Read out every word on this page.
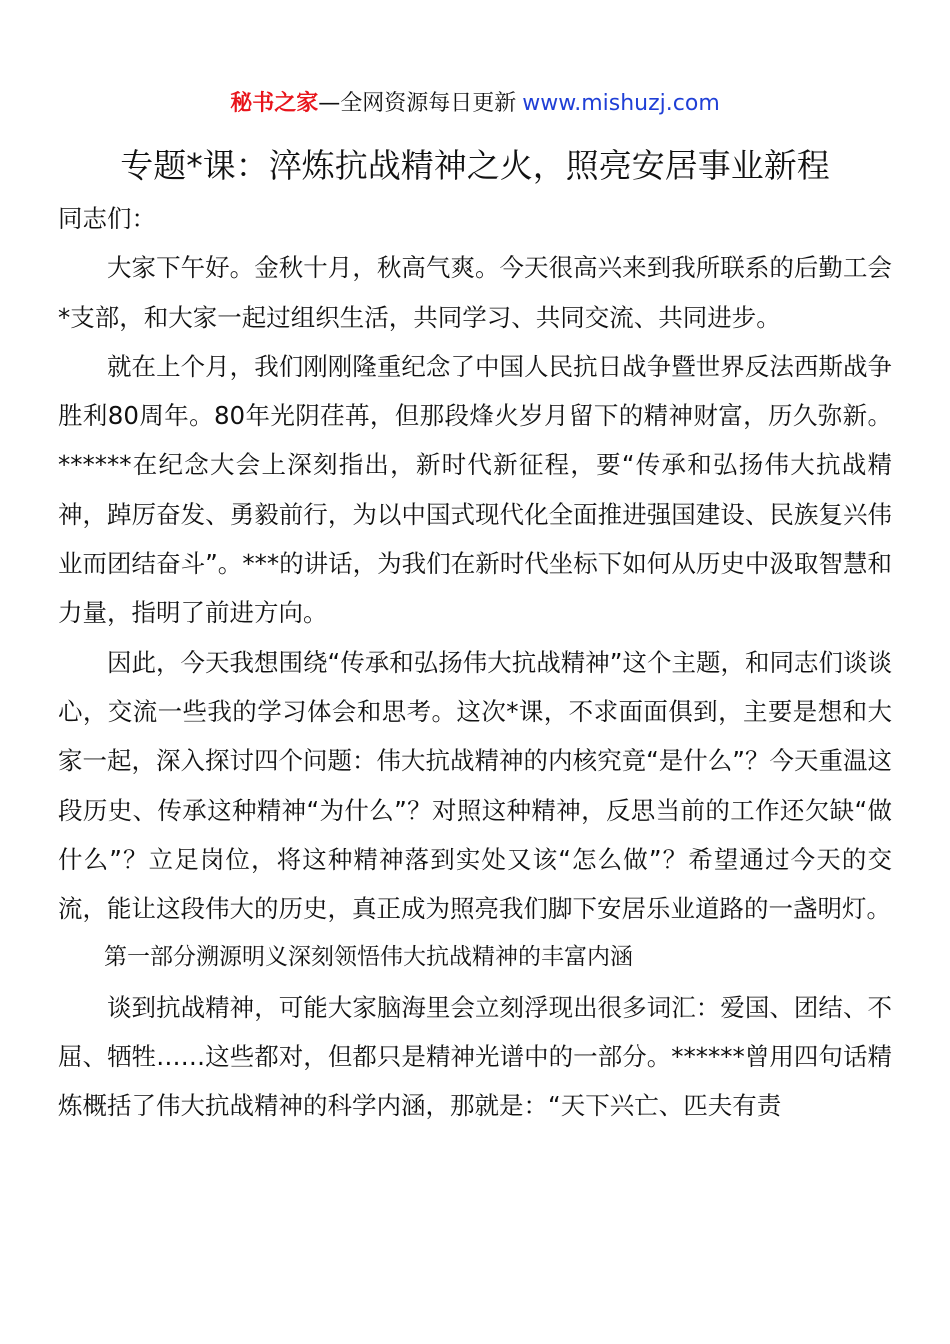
秘书之家—全网资源每日更新 www.mishuzj.com
专题*课：淬炼抗战精神之火，照亮安居事业新程

同志们：

大家下午好。金秋十月，秋高气爽。今天很高兴来到我所联系的后勤工会*支部，和大家一起过组织生活，共同学习、共同交流、共同进步。

就在上个月，我们刚刚隆重纪念了中国人民抗日战争暨世界反法西斯战争胜利80周年。80年光阴荏苒，但那段烽火岁月留下的精神财富，历久弥新。******在纪念大会上深刻指出，新时代新征程，要“传承和弘扬伟大抗战精神，踔厉奋发、勇毅前行，为以中国式现代化全面推进强国建设、民族复兴伟业而团结奋斗”。***的讲话，为我们在新时代坐标下如何从历史中汲取智慧和力量，指明了前进方向。

因此，今天我想围绕“传承和弘扬伟大抗战精神”这个主题，和同志们谈谈心，交流一些我的学习体会和思考。这次*课，不求面面俱到，主要是想和大家一起，深入探讨四个问题：伟大抗战精神的内核究竟“是什么”？今天重温这段历史、传承这种精神“为什么”？对照这种精神，反思当前的工作还欠缺“做什么”？立足岗位，将这种精神落到实处又该“怎么做”？希望通过今天的交流，能让这段伟大的历史，真正成为照亮我们脚下安居乐业道路的一盏明灯。

第一部分溯源明义深刻领悟伟大抗战精神的丰富内涵

谈到抗战精神，可能大家脑海里会立刻浮现出很多词汇：爱国、团结、不屈、牺牲……这些都对，但都只是精神光谱中的一部分。******曾用四句话精炼概括了伟大抗战精神的科学内涵，那就是：“天下兴亡、匹夫有责
